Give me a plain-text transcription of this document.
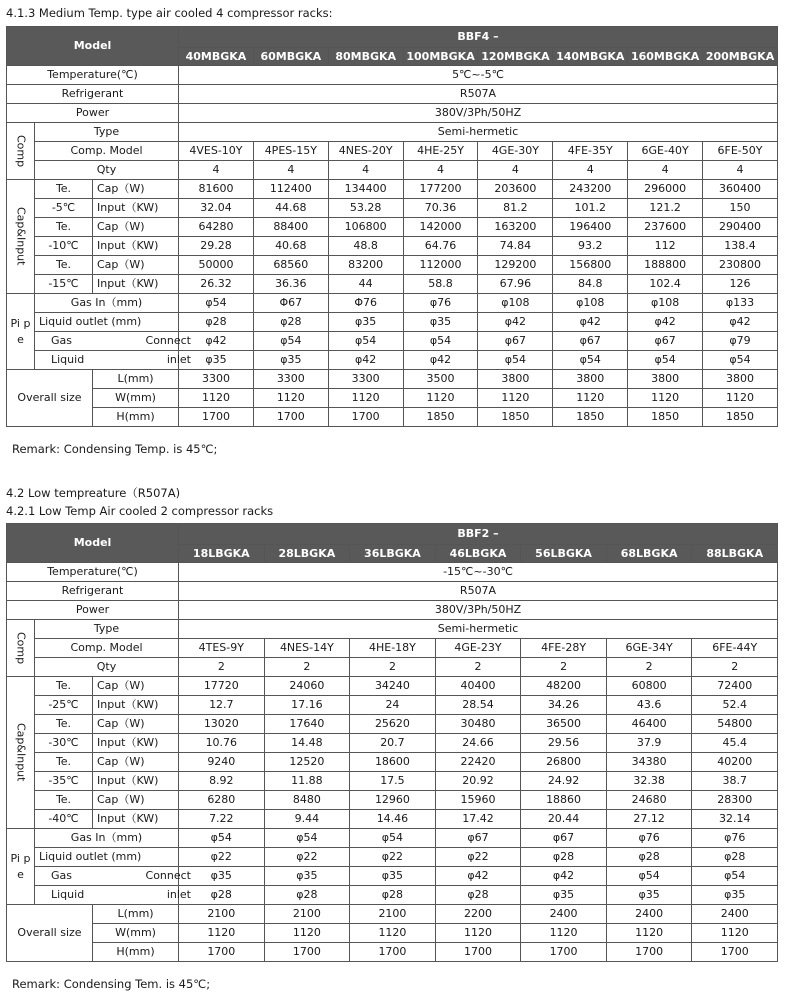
4.1.3 Medium Temp. type air cooled 4 compressor racks:
Model			BBF4 –							
			40MBGKA	60MBGKA	80MBGKA	100MBGKA	120MBGKA	140MBGKA	160MBGKA	200MBGKA
Temperature(℃)			5℃~-5℃							
Refrigerant			R507A							
Power			380V/3Ph/50HZ							
Comp	Type		Semi-hermetic							
	Comp. Model		4VES-10Y	4PES-15Y	4NES-20Y	4HE-25Y	4GE-30Y	4FE-35Y	6GE-40Y	6FE-50Y
	Qty		4	4	4	4	4	4	4	4
Cap&Input	Te.	Cap（W)	81600	112400	134400	177200	203600	243200	296000	360400
	-5℃	Input（KW)	32.04	44.68	53.28	70.36	81.2	101.2	121.2	150
	Te.	Cap（W)	64280	88400	106800	142000	163200	196400	237600	290400
	-10℃	Input（KW)	29.28	40.68	48.8	64.76	74.84	93.2	112	138.4
	Te.	Cap（W)	50000	68560	83200	112000	129200	156800	188800	230800
	-15℃	Input（KW)	26.32	36.36	44	58.8	67.96	84.8	102.4	126
Pi p e	Gas In（mm)		φ54	Φ67	Φ76	φ76	φ108	φ108	φ108	φ133
	Liquid outlet (mm)		φ28	φ28	φ35	φ35	φ42	φ42	φ42	φ42
	Gas Connect		φ42	φ54	φ54	φ54	φ67	φ67	φ67	φ79
	Liquid inlet		φ35	φ35	φ42	φ42	φ54	φ54	φ54	φ54
Overall size		L(mm)	3300	3300	3300	3500	3800	3800	3800	3800
		W(mm)	1120	1120	1120	1120	1120	1120	1120	1120
		H(mm)	1700	1700	1700	1850	1850	1850	1850	1850
Remark: Condensing Temp. is 45℃;
4.2 Low tempreature（R507A)
4.2.1 Low Temp Air cooled 2 compressor racks
Model			BBF2 –						
			18LBGKA	28LBGKA	36LBGKA	46LBGKA	56LBGKA	68LBGKA	88LBGKA
Temperature(℃)			-15℃~-30℃						
Refrigerant			R507A						
Power			380V/3Ph/50HZ						
Comp	Type		Semi-hermetic						
	Comp. Model		4TES-9Y	4NES-14Y	4HE-18Y	4GE-23Y	4FE-28Y	6GE-34Y	6FE-44Y
	Qty		2	2	2	2	2	2	2
Cap&Input	Te.	Cap（W)	17720	24060	34240	40400	48200	60800	72400
	-25℃	Input（KW)	12.7	17.16	24	28.54	34.26	43.6	52.4
	Te.	Cap（W)	13020	17640	25620	30480	36500	46400	54800
	-30℃	Input（KW)	10.76	14.48	20.7	24.66	29.56	37.9	45.4
	Te.	Cap（W)	9240	12520	18600	22420	26800	34380	40200
	-35℃	Input（KW)	8.92	11.88	17.5	20.92	24.92	32.38	38.7
	Te.	Cap（W)	6280	8480	12960	15960	18860	24680	28300
	-40℃	Input（KW)	7.22	9.44	14.46	17.42	20.44	27.12	32.14
Pi p e	Gas In（mm)		φ54	φ54	φ54	φ67	φ67	φ76	φ76
	Liquid outlet (mm)		φ22	φ22	φ22	φ22	φ28	φ28	φ28
	Gas Connect		φ35	φ35	φ35	φ42	φ42	φ54	φ54
	Liquid inlet		φ28	φ28	φ28	φ28	φ35	φ35	φ35
Overall size		L(mm)	2100	2100	2100	2200	2400	2400	2400
		W(mm)	1120	1120	1120	1120	1120	1120	1120
		H(mm)	1700	1700	1700	1700	1700	1700	1700
Remark: Condensing Tem. is 45℃;
